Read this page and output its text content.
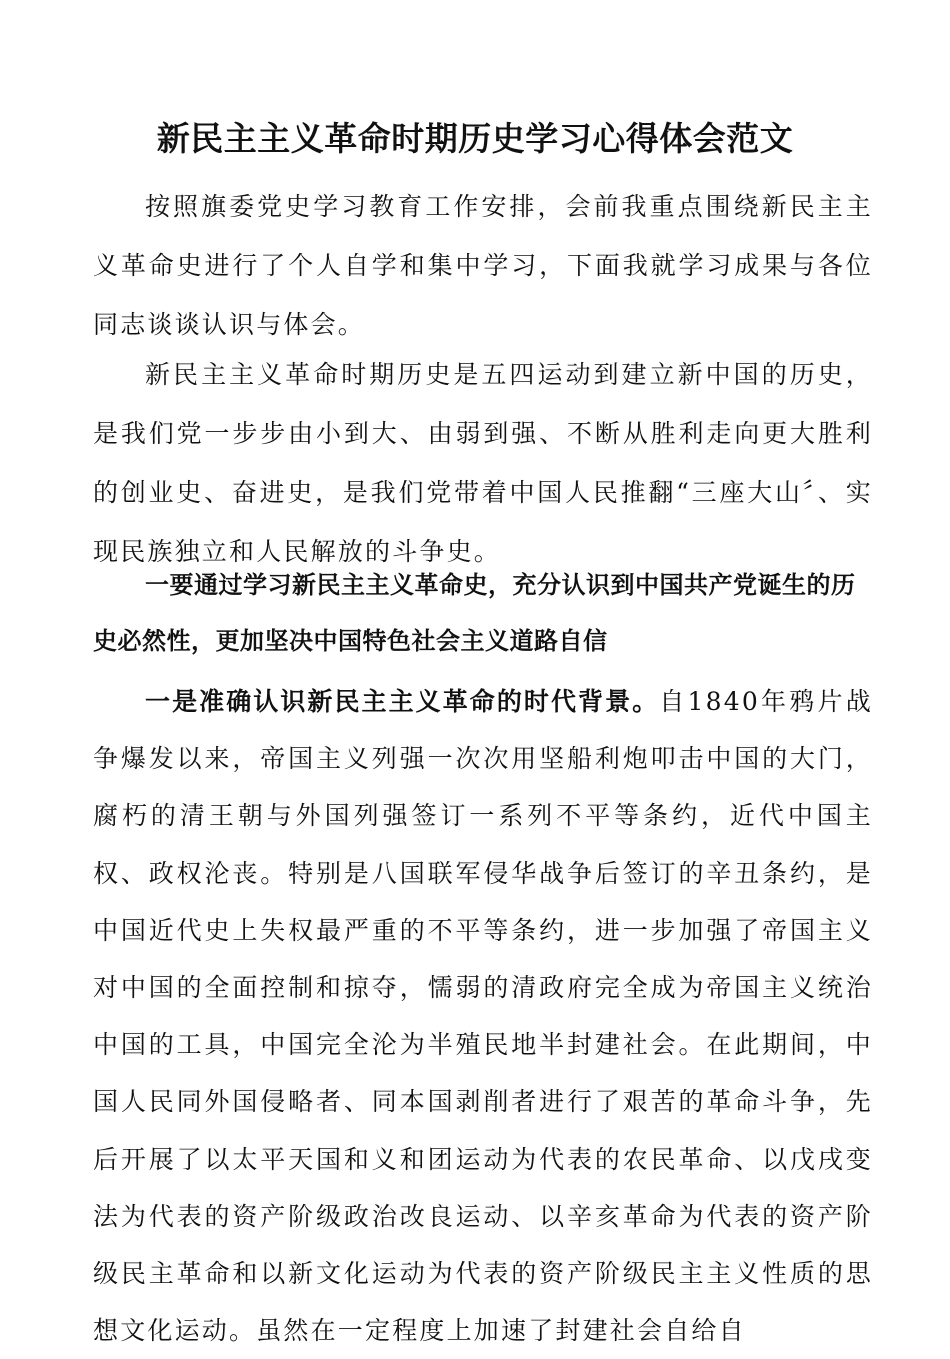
新民主主义革命时期历史学习心得体会范文

按照旗委党史学习教育工作安排，会前我重点围绕新民主主义革命史进行了个人自学和集中学习，下面我就学习成果与各位同志谈谈认识与体会。

新民主主义革命时期历史是五四运动到建立新中国的历史，是我们党一步步由小到大、由弱到强、不断从胜利走向更大胜利的创业史、奋进史，是我们党带着中国人民推翻“三座大山〞、实现民族独立和人民解放的斗争史。

一要通过学习新民主主义革命史，充分认识到中国共产党诞生的历史必然性，更加坚决中国特色社会主义道路自信

一是准确认识新民主主义革命的时代背景。自1840年鸦片战争爆发以来，帝国主义列强一次次用坚船利炮叩击中国的大门，腐朽的清王朝与外国列强签订一系列不平等条约，近代中国主权、政权沦丧。特别是八国联军侵华战争后签订的辛丑条约，是中国近代史上失权最严重的不平等条约，进一步加强了帝国主义对中国的全面控制和掠夺，懦弱的清政府完全成为帝国主义统治中国的工具，中国完全沦为半殖民地半封建社会。在此期间，中国人民同外国侵略者、同本国剥削者进行了艰苦的革命斗争，先后开展了以太平天国和义和团运动为代表的农民革命、以戊戌变法为代表的资产阶级政治改良运动、以辛亥革命为代表的资产阶级民主革命和以新文化运动为代表的资产阶级民主主义性质的思想文化运动。虽然在一定程度上加速了封建社会自给自
